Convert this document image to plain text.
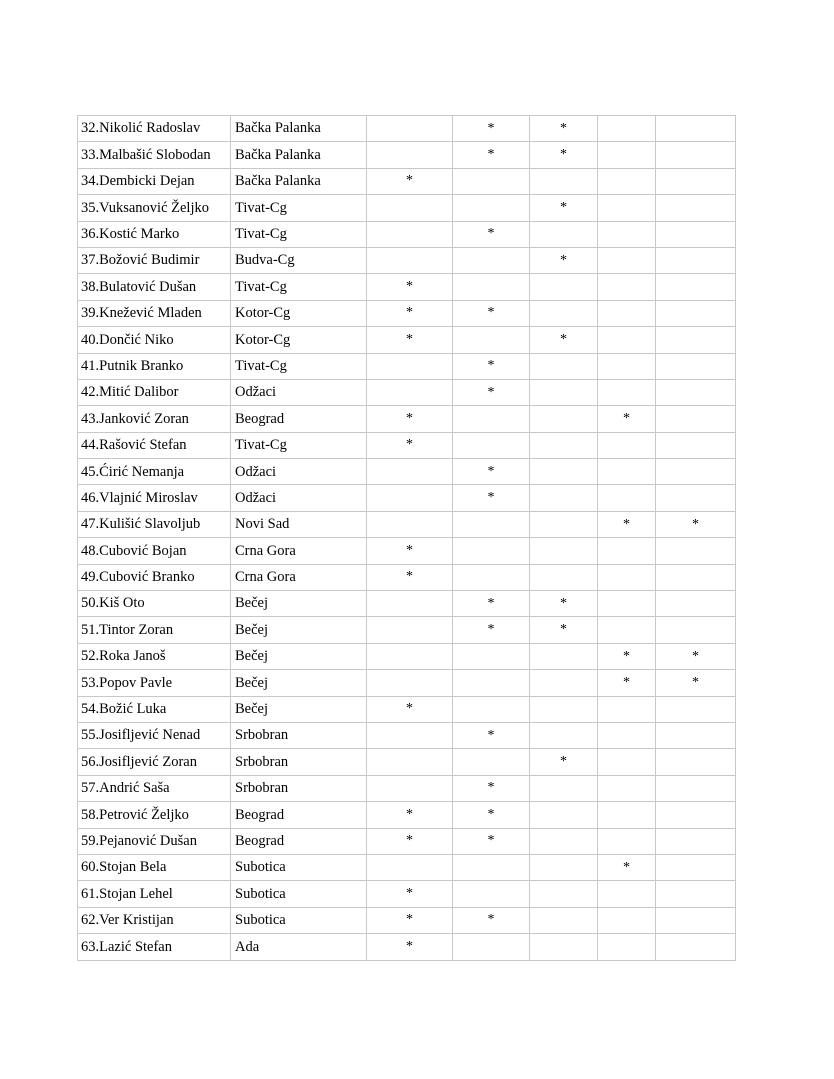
32.Nikolić Radoslav	Bačka Palanka		*	*		
33.Malbašić Slobodan	Bačka Palanka		*	*		
34.Dembicki Dejan	Bačka Palanka	*				
35.Vuksanović Željko	Tivat-Cg			*		
36.Kostić Marko	Tivat-Cg		*			
37.Božović Budimir	Budva-Cg			*		
38.Bulatović Dušan	Tivat-Cg	*				
39.Knežević Mladen	Kotor-Cg	*	*			
40.Dončić Niko	Kotor-Cg	*		*		
41.Putnik Branko	Tivat-Cg		*			
42.Mitić Dalibor	Odžaci		*			
43.Janković Zoran	Beograd	*			*	
44.Rašović Stefan	Tivat-Cg	*				
45.Ćirić Nemanja	Odžaci		*			
46.Vlajnić Miroslav	Odžaci		*			
47.Kulišić Slavoljub	Novi Sad				*	*
48.Cubović Bojan	Crna Gora	*				
49.Cubović Branko	Crna Gora	*				
50.Kiš Oto	Bečej		*	*		
51.Tintor Zoran	Bečej		*	*		
52.Roka Janoš	Bečej				*	*
53.Popov Pavle	Bečej				*	*
54.Božić Luka	Bečej	*				
55.Josifljević Nenad	Srbobran		*			
56.Josifljević Zoran	Srbobran			*		
57.Andrić Saša	Srbobran		*			
58.Petrović Željko	Beograd	*	*			
59.Pejanović Dušan	Beograd	*	*			
60.Stojan Bela	Subotica				*	
61.Stojan Lehel	Subotica	*				
62.Ver Kristijan	Subotica	*	*			
63.Lazić Stefan	Ada	*				
